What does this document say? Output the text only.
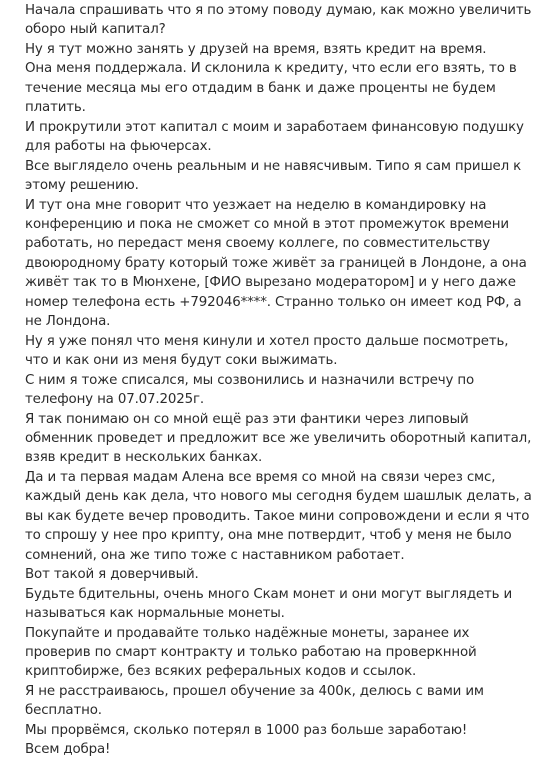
Начала спрашивать что я по этому поводу думаю, как можно увеличить оборо ный капитал?

Ну я тут можно занять у друзей на время, взять кредит на время.

Она меня поддержала. И склонила к кредиту, что если его взять, то в течение месяца мы его отдадим в банк и даже проценты не будем платить.

И прокрутили этот капитал с моим и заработаем финансовую подушку для работы на фьючерсах.

Все выглядело очень реальным и не навясчивым. Типо я сам пришел к этому решению.

И тут она мне говорит что уезжает на неделю в командировку на конференцию и пока не сможет со мной в этот промежуток времени работать, но передаст меня своему коллеге, по совместительству двоюродному брату который тоже живёт за границей в Лондоне, а она живёт так то в Мюнхене, [ФИО вырезано модератором] и у него даже номер телефона есть +792046****. Странно только он имеет код РФ, а не Лондона.

Ну я уже понял что меня кинули и хотел просто дальше посмотреть, что и как они из меня будут соки выжимать.

С ним я тоже списался, мы созвонились и назначили встречу по телефону на 07.07.2025г.

Я так понимаю он со мной ещё раз эти фантики через липовый обменник проведет и предложит все же увеличить оборотный капитал, взяв кредит в нескольких банках.

Да и та первая мадам Алена все время со мной на связи через смс, каждый день как дела, что нового мы сегодня будем шашлык делать, а вы как будете вечер проводить. Такое мини сопровождени и если я что то спрошу у нее про крипту, она мне потвердит, чтоб у меня не было сомнений, она же типо тоже с наставником работает.

Вот такой я доверчивый.

Будьте бдительны, очень много Скам монет и они могут выглядеть и называться как нормальные монеты.

Покупайте и продавайте только надёжные монеты, заранее их проверив по смарт контракту и только работаю на проверкнной криптобирже, без всяких реферальных кодов и ссылок.

Я не расстраиваюсь, прошел обучение за 400к, делюсь с вами им бесплатно.

Мы прорвёмся, сколько потерял в 1000 раз больше заработаю!

Всем добра!
